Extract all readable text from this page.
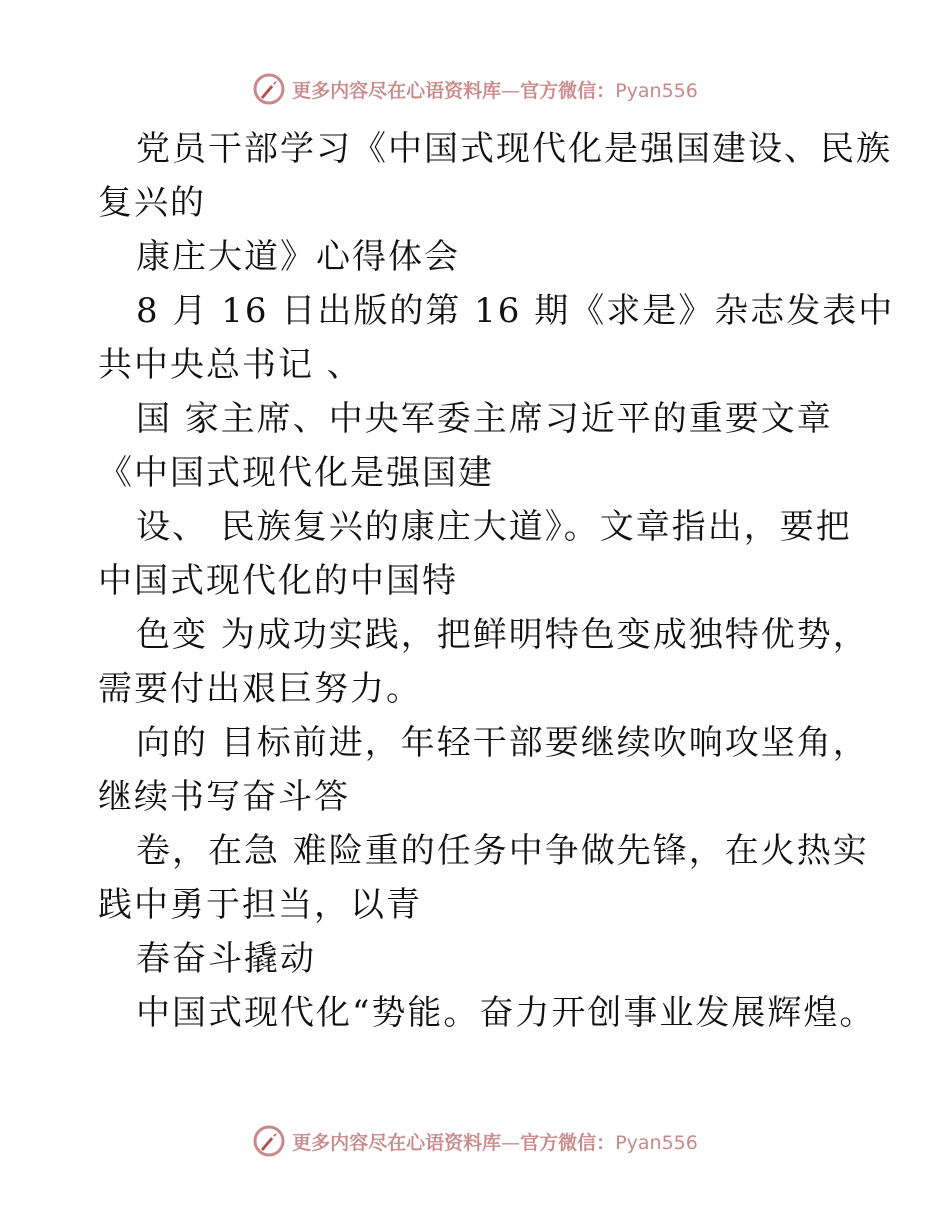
更多内容尽在心语资料库—官方微信：Pyan556
党员干部学习《中国式现代化是强国建设、民族
复兴的
康庄大道》心得体会
8 月 16 日出版的第 16 期《求是》杂志发表中
共中央总书记 、
国 家主席、中央军委主席习近平的重要文章
《中国式现代化是强国建
设、 民族复兴的康庄大道》。文章指出，要把
中国式现代化的中国特
色变 为成功实践，把鲜明特色变成独特优势，
需要付出艰巨努力。
向的 目标前进，年轻干部要继续吹响攻坚角，
继续书写奋斗答
卷，在急 难险重的任务中争做先锋，在火热实
践中勇于担当，以青
春奋斗撬动
中国式现代化“势能。奋力开创事业发展辉煌。
更多内容尽在心语资料库—官方微信：Pyan556
